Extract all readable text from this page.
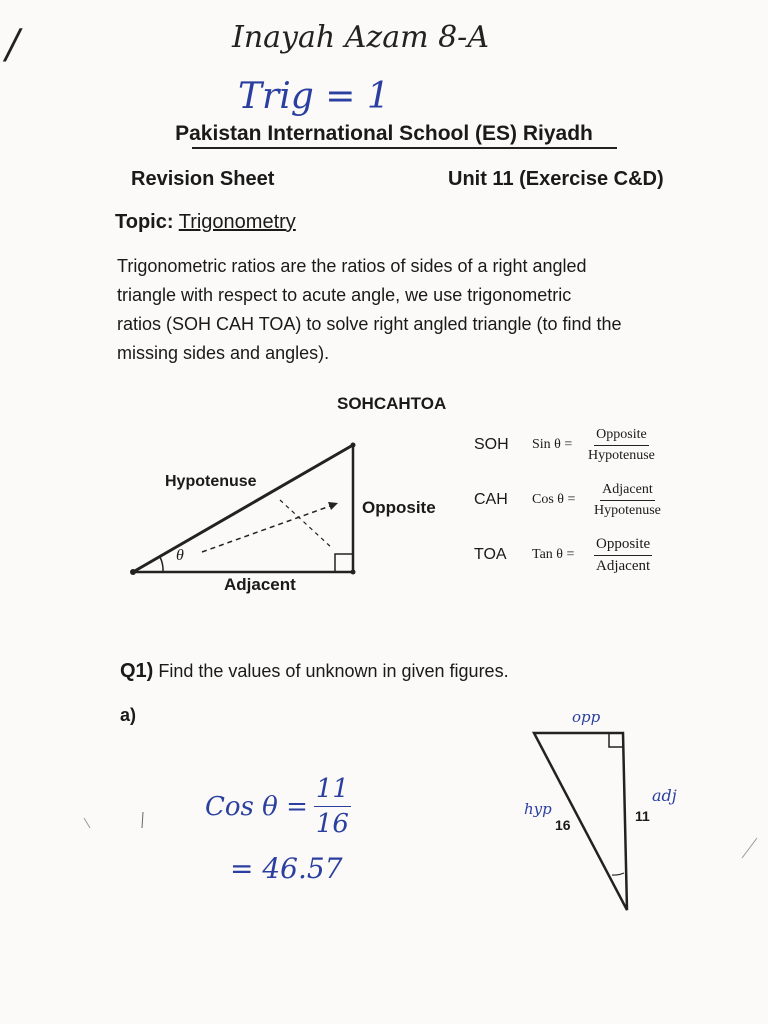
/	Inayah Azam 8-A
Trig = 1
Pakistan International School (ES) Riyadh
Revision Sheet	Unit 11 (Exercise C&D)
Topic: Trigonometry
Trigonometric ratios are the ratios of sides of a right angled
triangle with respect to acute angle, we use trigonometric
ratios (SOH CAH TOA) to solve right angled triangle (to find the
missing sides and angles).
SOHCAHTOA
Hypotenuse
Opposite
Adjacent
θ
SOH	Sin $\theta = \frac{\text{Opposite}}{\text{Hypotenuse}}$
CAH	Cos θ =	$\frac{\text{Adjacent}}{\text{Hypotenuse}}$
TOA	Tan θ =	$\frac{\text{Opposite}}{\text{Adjacent}}$
Q1) Find the values of unknown in given figures.
a)
16
11
opp
hyp
adj
Cos $\theta = \frac{11}{16}$
= 46.57
